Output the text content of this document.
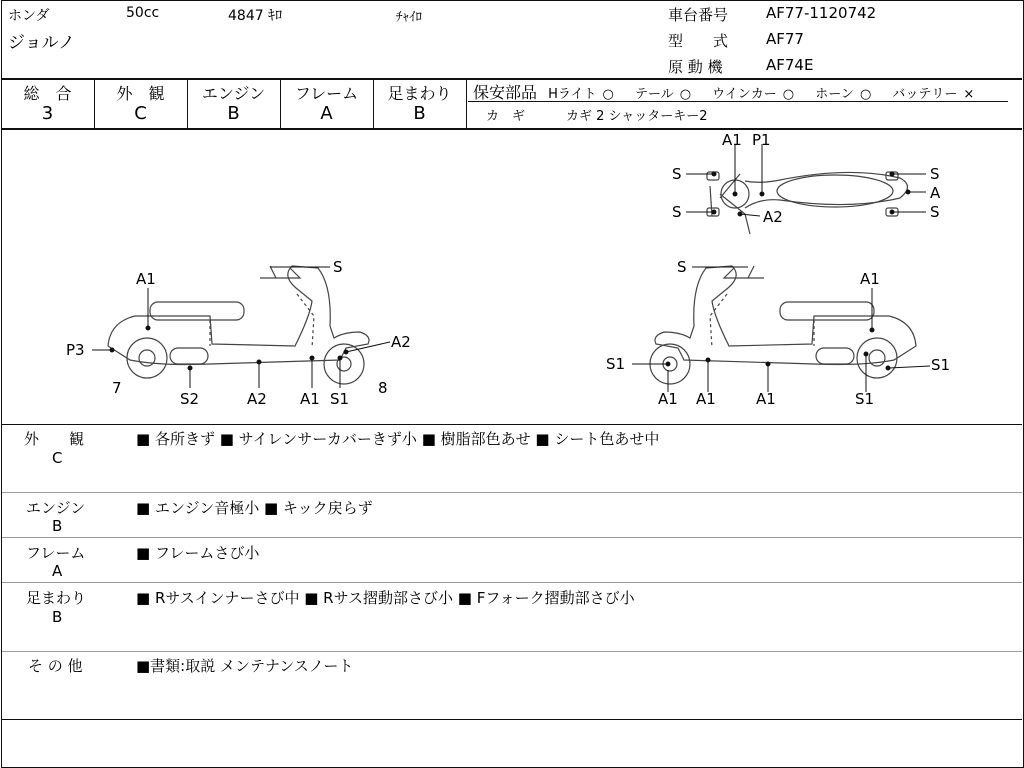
ホンダ	50cc	4847 ｷﾛ	ﾁｬｲﾛ
ジョルノ
車台番号	AF77-1120742
型　　式	AF77
原 動 機	AF74E
総　合
3
外　観
C
エンジン
B
フレーム
A
足まわり
B
保安部品 Hライト ○ テール ○ ウインカー ○ ホーン ○ バッテリー ×
カ　ギ	カギ 2 シャッターキー2
S
A1
P3	A2
7
S2	A2 A1 S1
8
S
A1
S1	S1
A1 A1	A1	S1
A1 P1
S
S
S
S
A
A2
外　　観
C
■ 各所きず ■ サイレンサーカバーきず小 ■ 樹脂部色あせ ■ シート色あせ中
エンジン
B
■ エンジン音極小 ■ キック戻らず
フレーム
A
■ フレームさび小
足まわり
B
■ Rサスインナーさび中 ■ Rサス摺動部さび小 ■ Fフォーク摺動部さび小
そ の 他	■書類:取説 メンテナンスノート
